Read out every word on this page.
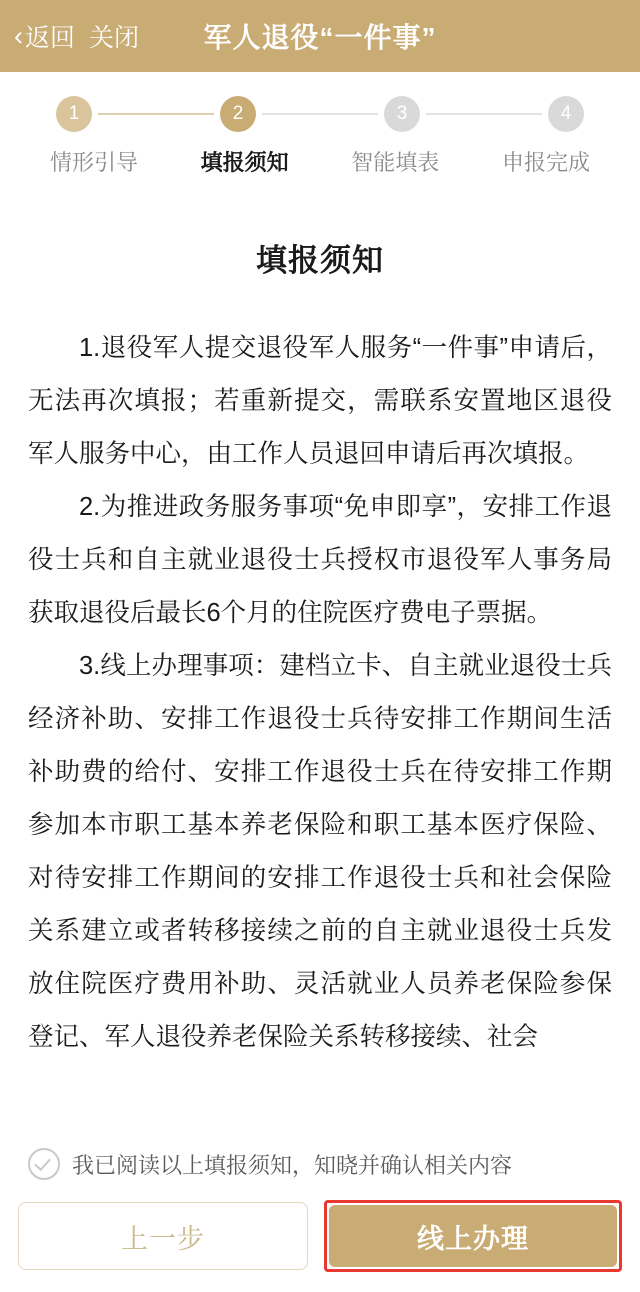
‹ 返回 关闭	军人退役“一件事”
1	2	3	4
情形引导	填报须知	智能填表	申报完成
填报须知

1.退役军人提交退役军人服务“一件事”申请后，无法再次填报；若重新提交，需联系安置地区退役军人服务中心，由工作人员退回申请后再次填报。

2.为推进政务服务事项“免申即享”，安排工作退役士兵和自主就业退役士兵授权市退役军人事务局获取退役后最长6个月的住院医疗费电子票据。

3.线上办理事项：建档立卡、自主就业退役士兵经济补助、安排工作退役士兵待安排工作期间生活补助费的给付、安排工作退役士兵在待安排工作期参加本市职工基本养老保险和职工基本医疗保险、对待安排工作期间的安排工作退役士兵和社会保险关系建立或者转移接续之前的自主就业退役士兵发放住院医疗费用补助、灵活就业人员养老保险参保登记、军人退役养老保险关系转移接续、社会

我已阅读以上填报须知，知晓并确认相关内容
上一步	线上办理
